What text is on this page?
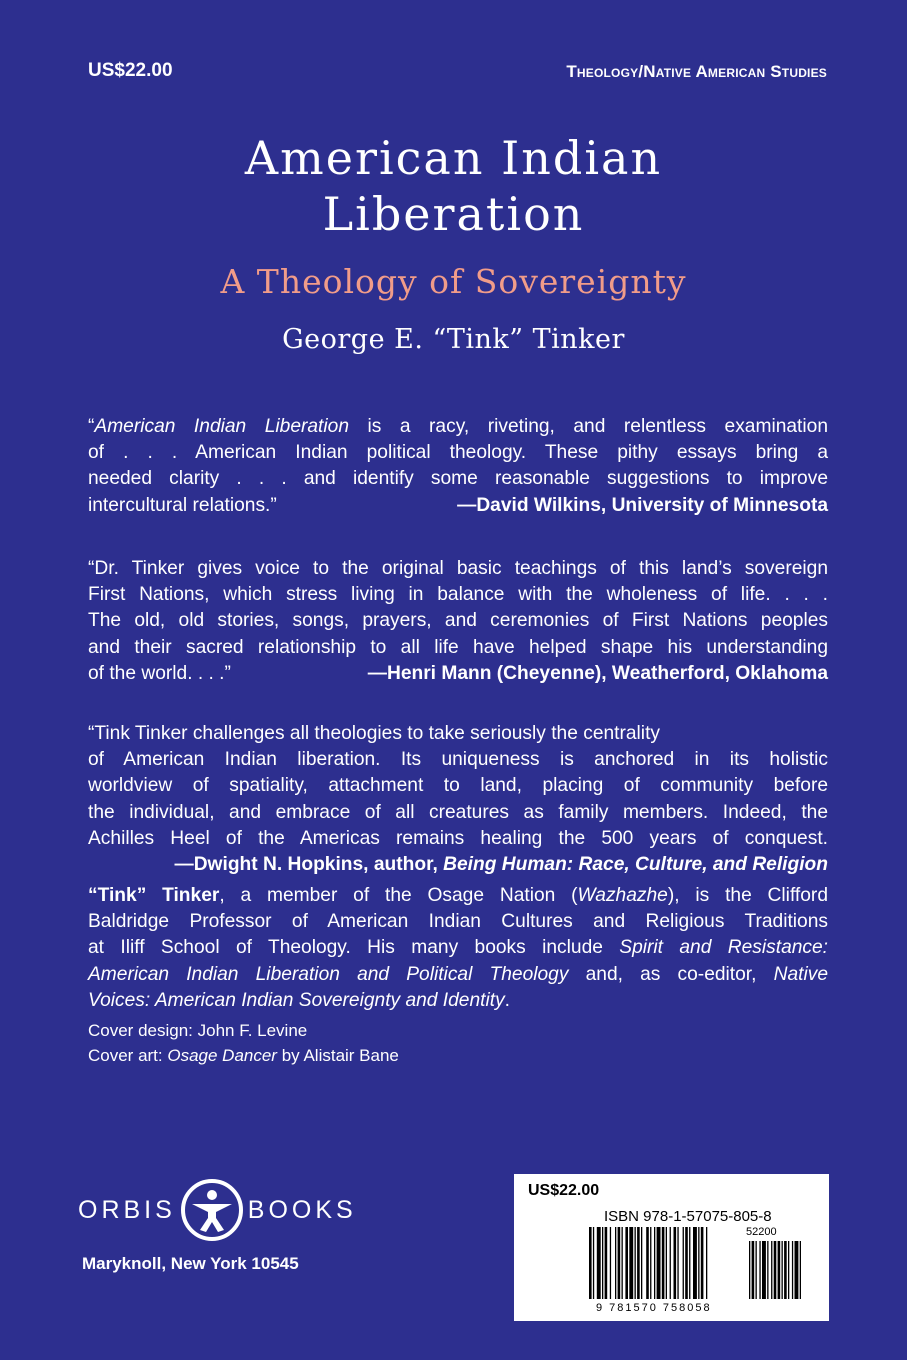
US$22.00	Theology/Native American Studies
American Indian
Liberation
A Theology of Sovereignty
George E. “Tink” Tinker
“American Indian Liberation is a racy, riveting, and relentless examination
of . . . American Indian political theology. These pithy essays bring a
needed clarity . . . and identify some reasonable suggestions to improve
intercultural relations.”	—David Wilkins, University of Minnesota
“Dr. Tinker gives voice to the original basic teachings of this land’s sovereign
First Nations, which stress living in balance with the wholeness of life. . . .
The old, old stories, songs, prayers, and ceremonies of First Nations peoples
and their sacred relationship to all life have helped shape his understanding
of the world. . . .”	—Henri Mann (Cheyenne), Weatherford, Oklahoma
“Tink Tinker challenges all theologies to take seriously the centrality
of American Indian liberation. Its uniqueness is anchored in its holistic
worldview of spatiality, attachment to land, placing of community before
the individual, and embrace of all creatures as family members. Indeed, the
Achilles Heel of the Americas remains healing the 500 years of conquest.
—Dwight N. Hopkins, author, Being Human: Race, Culture, and Religion
“Tink” Tinker, a member of the Osage Nation (Wazhazhe), is the Clifford
Baldridge Professor of American Indian Cultures and Religious Traditions
at Iliff School of Theology. His many books include Spirit and Resistance:
American Indian Liberation and Political Theology and, as co-editor, Native
Voices: American Indian Sovereignty and Identity.
Cover design: John F. Levine
Cover art: Osage Dancer by Alistair Bane
ORBIS	BOOKS
Maryknoll, New York 10545
US$22.00
ISBN 978-1-57075-805-8
52200
9 781570 758058
